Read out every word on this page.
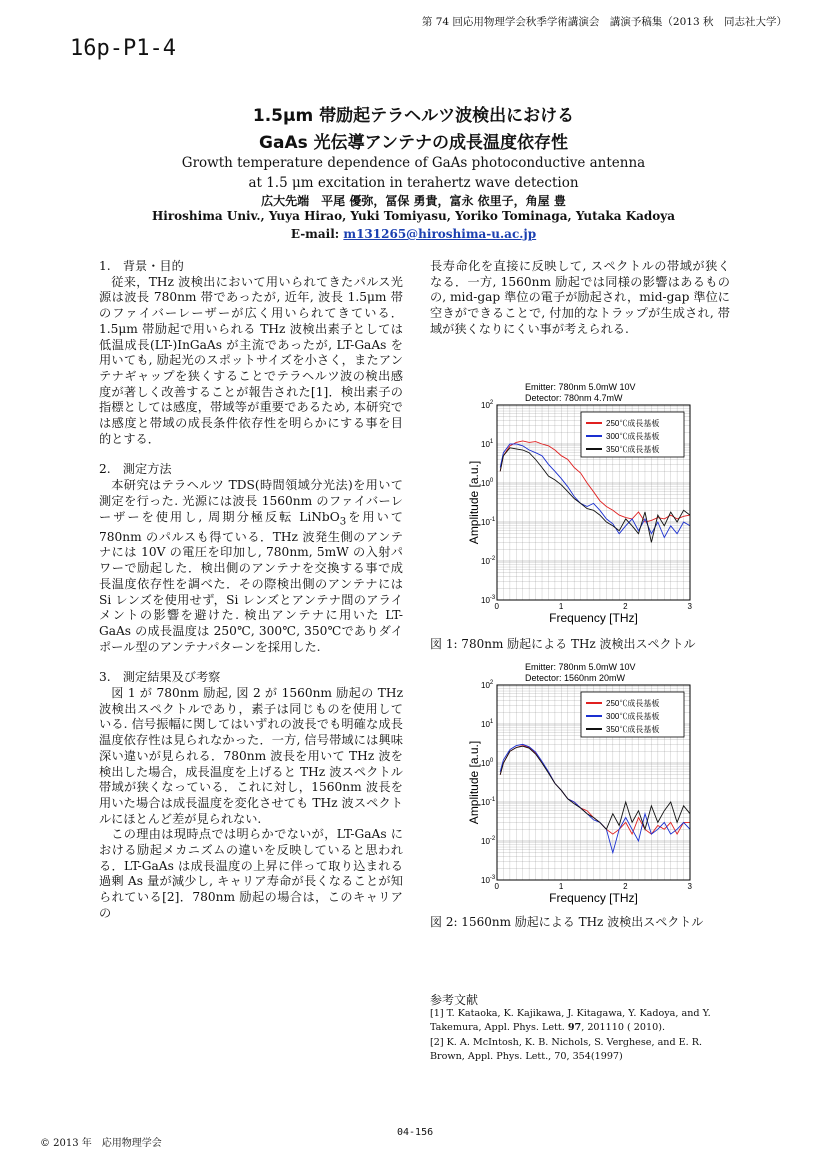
第 74 回応用物理学会秋季学術講演会　講演予稿集（2013 秋　同志社大学）
16p-P1-4
1.5μm 帯励起テラヘルツ波検出における
GaAs 光伝導アンテナの成長温度依存性
Growth temperature dependence of GaAs photoconductive antenna
at 1.5 μm excitation in terahertz wave detection
広大先端　平尾 優弥，冨保 勇貴，富永 依里子，角屋 豊
Hiroshima Univ., Yuya Hirao, Yuki Tomiyasu, Yoriko Tominaga, Yutaka Kadoya
E-mail: m131265@hiroshima-u.ac.jp

1.　背景・目的

従来，THz 波検出において用いられてきたパルス光源は波長 780nm 帯であったが, 近年, 波長 1.5μm 帯のファイバーレーザーが広く用いられてきている．1.5μm 帯励起で用いられる THz 波検出素子としては低温成長(LT-)InGaAs が主流であったが, LT-GaAs を用いても, 励起光のスポットサイズを小さく，またアンテナギャップを狭くすることでテラヘルツ波の検出感度が著しく改善することが報告された[1]．検出素子の指標としては感度，帯域等が重要であるため, 本研究では感度と帯域の成長条件依存性を明らかにする事を目的とする．

2.　測定方法

本研究はテラヘルツ TDS(時間領域分光法)を用いて測定を行った. 光源には波長 1560nm のファイバーレーザーを使用し, 周期分極反転 LiNbO$_3$を用いて 780nm のパルスも得ている．THz 波発生側のアンテナには 10V の電圧を印加し, 780nm, 5mW の入射パワーで励起した．検出側のアンテナを交換する事で成長温度依存性を調べた．その際検出側のアンテナには Si レンズを使用せず，Si レンズとアンテナ間のアライメントの影響を避けた. 検出アンテナに用いた LT-GaAs の成長温度は 250℃, 300℃, 350℃でありダイポール型のアンテナパターンを採用した.

3.　測定結果及び考察

図 1 が 780nm 励起, 図 2 が 1560nm 励起の THz 波検出スペクトルであり，素子は同じものを使用している. 信号振幅に関してはいずれの波長でも明確な成長温度依存性は見られなかった．一方, 信号帯域には興味深い違いが見られる．780nm 波長を用いて THz 波を検出した場合，成長温度を上げると THz 波スペクトル帯域が狭くなっている．これに対し，1560nm 波長を用いた場合は成長温度を変化させても THz 波スペクトルにほとんど差が見られない.

この理由は現時点では明らかでないが，LT-GaAs における励起メカニズムの違いを反映していると思われる．LT-GaAs は成長温度の上昇に伴って取り込まれる過剰 As 量が減少し, キャリア寿命が長くなることが知られている[2]．780nm 励起の場合は，このキャリアの

長寿命化を直接に反映して, スペクトルの帯域が狭くなる．一方, 1560nm 励起では同様の影響はあるものの, mid-gap 準位の電子が励起され，mid-gap 準位に空きができることで, 付加的なトラップが生成され, 帯域が狭くなりにくい事が考えられる.

Emitter: 780nm 5.0mW 10V
Detector: 780nm 4.7mW
$10^{-3}$
$10^{-2}$
$10^{-1}$
$10^0$
$10^1$
$10^2$
0	1	2	3
Frequency [THz]
Amplitude [a.u.]
250℃成長基板
300℃成長基板
350℃成長基板
図 1: 780nm 励起による THz 波検出スペクトル
Emitter: 780nm 5.0mW 10V
Detector: 1560nm 20mW
$10^{-3}$
$10^{-2}$
$10^{-1}$
$10^0$
$10^1$
$10^2$
0	1	2	3
Frequency [THz]
Amplitude [a.u.]
250℃成長基板
300℃成長基板
350℃成長基板
図 2: 1560nm 励起による THz 波検出スペクトル
参考文献
[1] T. Kataoka, K. Kajikawa, J. Kitagawa, Y. Kadoya, and Y. Takemura, Appl. Phys. Lett. 97, 201110 ( 2010).
[2] K. A. McIntosh, K. B. Nichols, S. Verghese, and E. R. Brown, Appl. Phys. Lett., 70, 354(1997)
© 2013 年　応用物理学会
04-156
